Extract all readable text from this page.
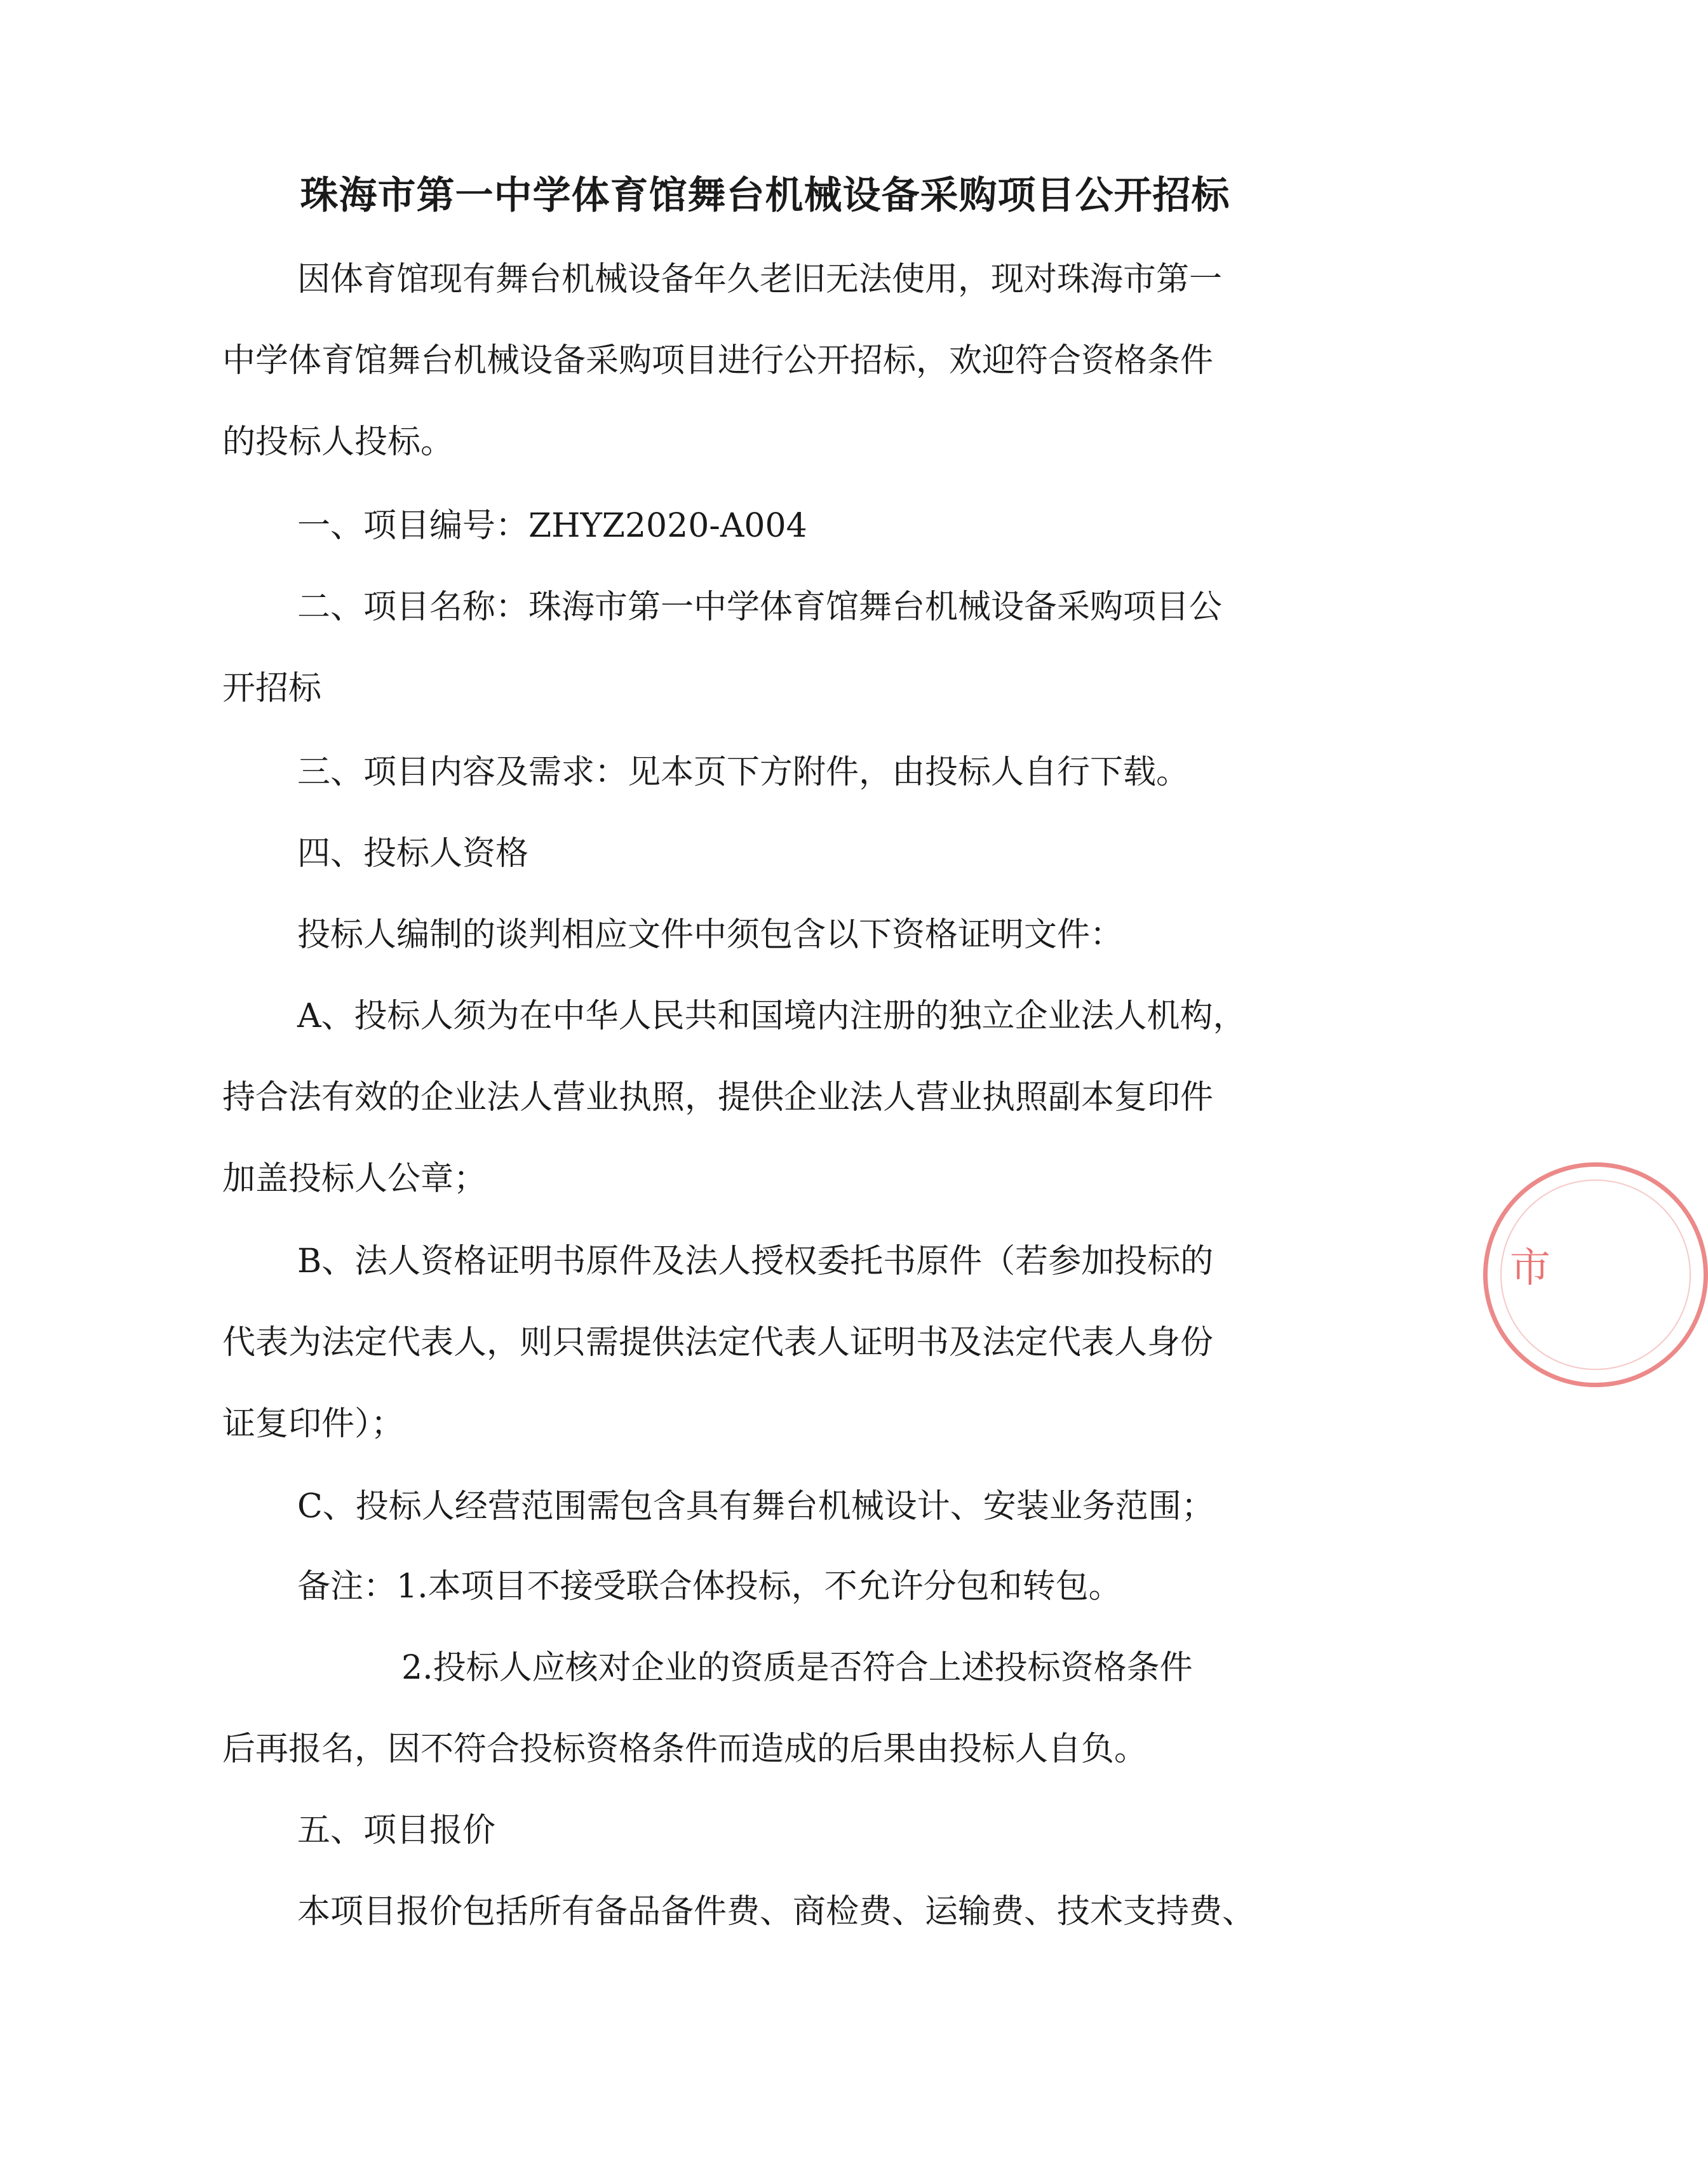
珠海市第一中学体育馆舞台机械设备采购项目公开招标
因体育馆现有舞台机械设备年久老旧无法使用，现对珠海市第一
中学体育馆舞台机械设备采购项目进行公开招标，欢迎符合资格条件
的投标人投标。
一、项目编号：ZHYZ2020-A004
二、项目名称：珠海市第一中学体育馆舞台机械设备采购项目公
开招标
三、项目内容及需求：见本页下方附件，由投标人自行下载。
四、投标人资格
投标人编制的谈判相应文件中须包含以下资格证明文件：
A、投标人须为在中华人民共和国境内注册的独立企业法人机构，
持合法有效的企业法人营业执照，提供企业法人营业执照副本复印件
加盖投标人公章；
B、法人资格证明书原件及法人授权委托书原件（若参加投标的
代表为法定代表人，则只需提供法定代表人证明书及法定代表人身份
证复印件）；
C、投标人经营范围需包含具有舞台机械设计、安装业务范围；
备注：1.本项目不接受联合体投标，不允许分包和转包。
2.投标人应核对企业的资质是否符合上述投标资格条件
后再报名，因不符合投标资格条件而造成的后果由投标人自负。
五、项目报价
本项目报价包括所有备品备件费、商检费、运输费、技术支持费、
市
